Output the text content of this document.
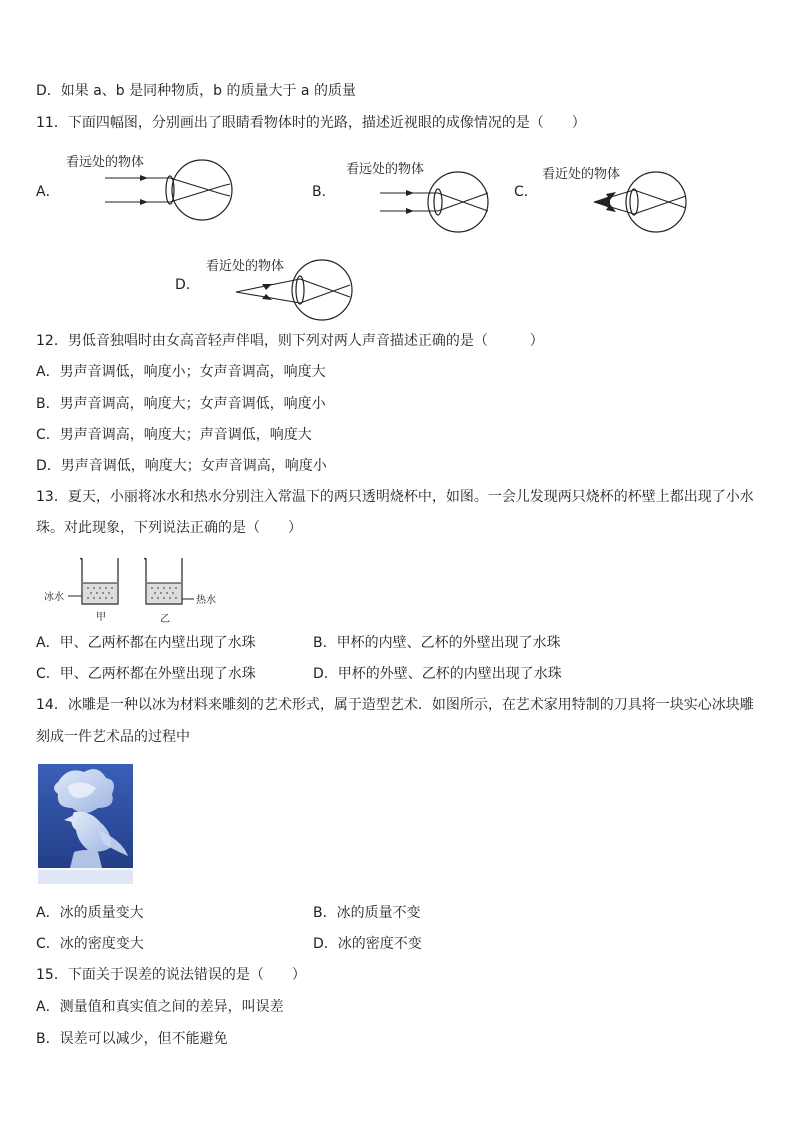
D．如果 a、b 是同种物质，b 的质量大于 a 的质量
11．下面四幅图，分别画出了眼睛看物体时的光路，描述近视眼的成像情况的是（　　）
A．
看远处的物体
B．
看远处的物体
C．
看近处的物体
D．
看近处的物体
12．男低音独唱时由女高音轻声伴唱，则下列对两人声音描述正确的是（　　　）
A．男声音调低，响度小；女声音调高，响度大
B．男声音调高，响度大；女声音调低，响度小
C．男声音调高，响度大；声音调低，响度大
D．男声音调低，响度大；女声音调高，响度小
13．夏天，小丽将冰水和热水分别注入常温下的两只透明烧杯中，如图。一会儿发现两只烧杯的杯壁上都出现了小水
珠。对此现象，下列说法正确的是（　　）
冰水
甲
热水
乙
A．甲、乙两杯都在内壁出现了水珠	B．甲杯的内壁、乙杯的外壁出现了水珠
C．甲、乙两杯都在外壁出现了水珠	D．甲杯的外壁、乙杯的内壁出现了水珠
14．冰雕是一种以冰为材料来雕刻的艺术形式，属于造型艺术．如图所示，在艺术家用特制的刀具将一块实心冰块雕
刻成一件艺术品的过程中
A．冰的质量变大	B．冰的质量不变
C．冰的密度变大	D．冰的密度不变
15．下面关于误差的说法错误的是（　　）
A．测量值和真实值之间的差异，叫误差
B．误差可以减少，但不能避免
